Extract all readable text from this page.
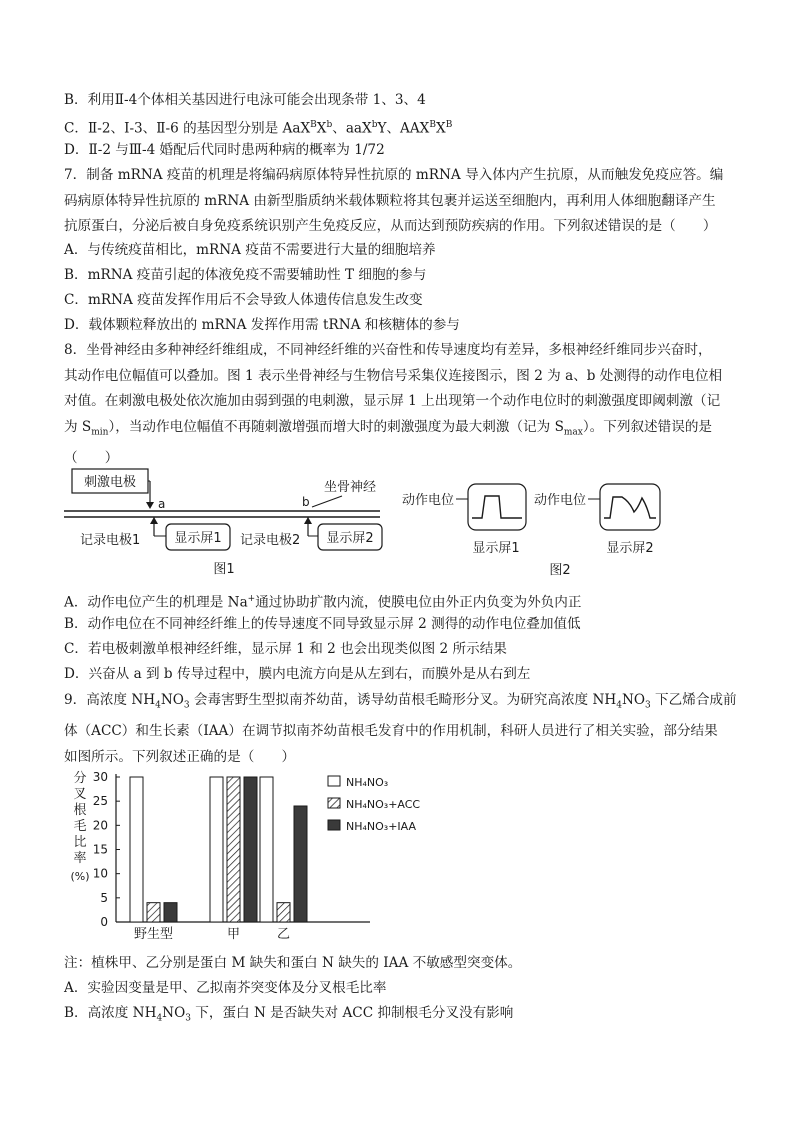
B．利用Ⅱ-4个体相关基因进行电泳可能会出现条带 1、3、4
C．Ⅱ-2、Ⅰ-3、Ⅱ-6 的基因型分别是 $AaX^BX^b$、aaX$^b$Y、$AAX^BX^B$
D．Ⅱ-2 与Ⅲ-4 婚配后代同时患两种病的概率为 1/72
7．制备 mRNA 疫苗的机理是将编码病原体特异性抗原的 mRNA 导入体内产生抗原，从而触发免疫应答。编
码病原体特异性抗原的 mRNA 由新型脂质纳米载体颗粒将其包裹并运送至细胞内，再利用人体细胞翻译产生
抗原蛋白，分泌后被自身免疫系统识别产生免疫反应，从而达到预防疾病的作用。下列叙述错误的是（　　）
A．与传统疫苗相比，mRNA 疫苗不需要进行大量的细胞培养
B．mRNA 疫苗引起的体液免疫不需要辅助性 T 细胞的参与
C．mRNA 疫苗发挥作用后不会导致人体遗传信息发生改变
D．载体颗粒释放出的 mRNA 发挥作用需 tRNA 和核糖体的参与
8．坐骨神经由多种神经纤维组成，不同神经纤维的兴奋性和传导速度均有差异，多根神经纤维同步兴奋时，
其动作电位幅值可以叠加。图 1 表示坐骨神经与生物信号采集仪连接图示，图 2 为 a、b 处测得的动作电位相
对值。在刺激电极处依次施加由弱到强的电刺激，显示屏 1 上出现第一个动作电位时的刺激强度即阈刺激（记
为 $S_{min}$），当动作电位幅值不再随刺激增强而增大时的刺激强度为最大刺激（记为 $S_{max}$）。下列叙述错误的是
（　　）
刺激电极
a	b
坐骨神经
记录电极1	显示屏1 记录电极2 显示屏2
图1
动作电位	动作电位
显示屏1	显示屏2
图2
A．动作电位产生的机理是 Na+通过协助扩散内流，使膜电位由外正内负变为外负内正
B．动作电位在不同神经纤维上的传导速度不同导致显示屏 2 测得的动作电位叠加值低
C．若电极刺激单根神经纤维，显示屏 1 和 2 也会出现类似图 2 所示结果
D．兴奋从 a 到 b 传导过程中，膜内电流方向是从左到右，而膜外是从右到左
9．高浓度 $NH_4NO_3$ 会毒害野生型拟南芥幼苗，诱导幼苗根毛畸形分叉。为研究高浓度 $NH_4NO_3$ 下乙烯合成前
体（ACC）和生长素（IAA）在调节拟南芥幼苗根毛发育中的作用机制，科研人员进行了相关实验，部分结果
如图所示。下列叙述正确的是（　　）
分
叉
根
毛
比
率
(%)
0
5
10
15
20
25
30
野生型	甲	乙
NH₄NO₃
NH₄NO₃+ACC
NH₄NO₃+IAA
注：植株甲、乙分别是蛋白 M 缺失和蛋白 N 缺失的 IAA 不敏感型突变体。
A．实验因变量是甲、乙拟南芥突变体及分叉根毛比率
B．高浓度 $NH_4NO_3$ 下，蛋白 N 是否缺失对 ACC 抑制根毛分叉没有影响
